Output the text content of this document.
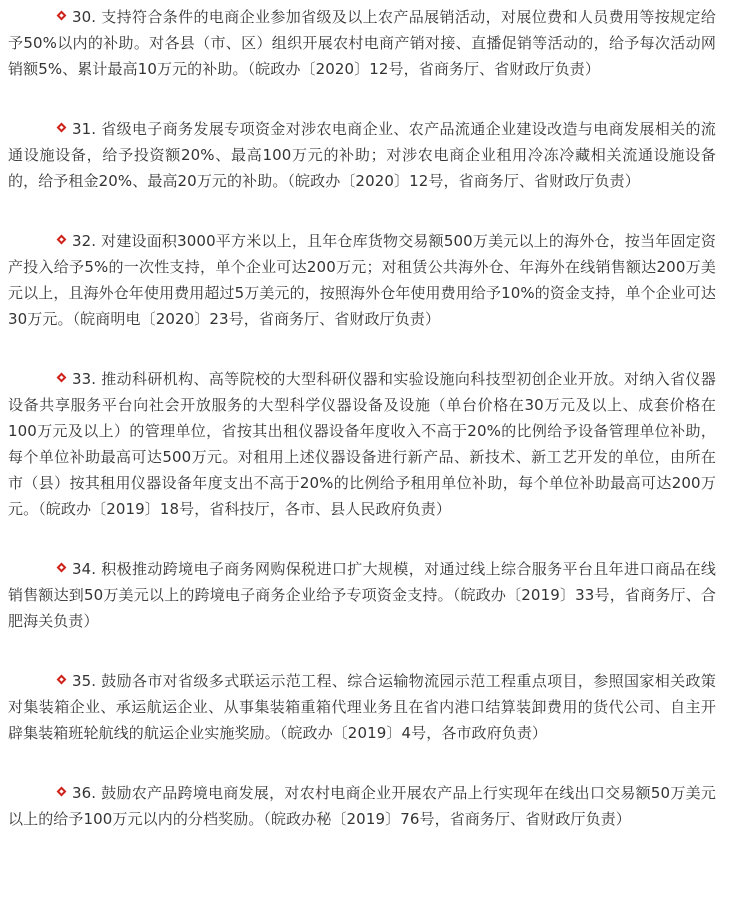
30. 支持符合条件的电商企业参加省级及以上农产品展销活动，对展位费和人员费用等按规定给予50%以内的补助。对各县（市、区）组织开展农村电商产销对接、直播促销等活动的，给予每次活动网销额5%、累计最高10万元的补助。（皖政办〔2020〕12号，省商务厅、省财政厅负责）

31. 省级电子商务发展专项资金对涉农电商企业、农产品流通企业建设改造与电商发展相关的流通设施设备，给予投资额20%、最高100万元的补助；对涉农电商企业租用冷冻冷藏相关流通设施设备的，给予租金20%、最高20万元的补助。（皖政办〔2020〕12号，省商务厅、省财政厅负责）

32. 对建设面积3000平方米以上，且年仓库货物交易额500万美元以上的海外仓，按当年固定资产投入给予5%的一次性支持，单个企业可达200万元；对租赁公共海外仓、年海外在线销售额达200万美元以上，且海外仓年使用费用超过5万美元的，按照海外仓年使用费用给予10%的资金支持，单个企业可达30万元。（皖商明电〔2020〕23号，省商务厅、省财政厅负责）

33. 推动科研机构、高等院校的大型科研仪器和实验设施向科技型初创企业开放。对纳入省仪器设备共享服务平台向社会开放服务的大型科学仪器设备及设施（单台价格在30万元及以上、成套价格在100万元及以上）的管理单位，省按其出租仪器设备年度收入不高于20%的比例给予设备管理单位补助，每个单位补助最高可达500万元。对租用上述仪器设备进行新产品、新技术、新工艺开发的单位，由所在市（县）按其租用仪器设备年度支出不高于20%的比例给予租用单位补助，每个单位补助最高可达200万元。（皖政办〔2019〕18号，省科技厅，各市、县人民政府负责）

34. 积极推动跨境电子商务网购保税进口扩大规模，对通过线上综合服务平台且年进口商品在线销售额达到50万美元以上的跨境电子商务企业给予专项资金支持。（皖政办〔2019〕33号，省商务厅、合肥海关负责）

35. 鼓励各市对省级多式联运示范工程、综合运输物流园示范工程重点项目，参照国家相关政策对集装箱企业、承运航运企业、从事集装箱重箱代理业务且在省内港口结算装卸费用的货代公司、自主开辟集装箱班轮航线的航运企业实施奖励。（皖政办〔2019〕4号，各市政府负责）

36. 鼓励农产品跨境电商发展，对农村电商企业开展农产品上行实现年在线出口交易额50万美元以上的给予100万元以内的分档奖励。（皖政办秘〔2019〕76号，省商务厅、省财政厅负责）
